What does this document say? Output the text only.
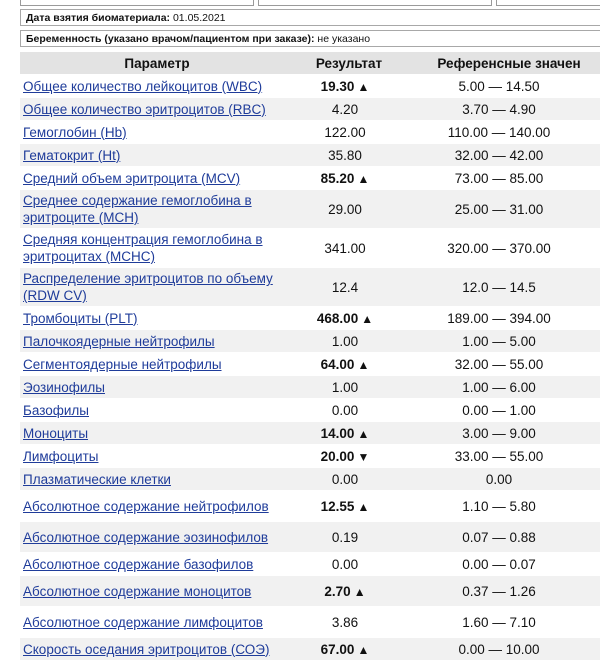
Дата взятия биоматериала: 01.05.2021
Беременность (указано врачом/пациентом при заказе): не указано
Параметр	Результат	Референсные значен
Общее количество лейкоцитов (WBC)	19.30 ▲	5.00 — 14.50
Общее количество эритроцитов (RBC)	4.20	3.70 — 4.90
Гемоглобин (Hb)	122.00	110.00 — 140.00
Гематокрит (Ht)	35.80	32.00 — 42.00
Средний объем эритроцита (MCV)	85.20 ▲	73.00 — 85.00
Среднее содержание гемоглобина в эритроците (MCH)	29.00	25.00 — 31.00
Средняя концентрация гемоглобина в эритроцитах (MCHC)	341.00	320.00 — 370.00
Распределение эритроцитов по объему (RDW CV)	12.4	12.0 — 14.5
Тромбоциты (PLT)	468.00 ▲	189.00 — 394.00
Палочкоядерные нейтрофилы	1.00	1.00 — 5.00
Сегментоядерные нейтрофилы	64.00 ▲	32.00 — 55.00
Эозинофилы	1.00	1.00 — 6.00
Базофилы	0.00	0.00 — 1.00
Моноциты	14.00 ▲	3.00 — 9.00
Лимфоциты	20.00 ▼	33.00 — 55.00
Плазматические клетки	0.00	0.00
Абсолютное содержание нейтрофилов	12.55 ▲	1.10 — 5.80
Абсолютное содержание эозинофилов	0.19	0.07 — 0.88
Абсолютное содержание базофилов	0.00	0.00 — 0.07
Абсолютное содержание моноцитов	2.70 ▲	0.37 — 1.26
Абсолютное содержание лимфоцитов	3.86	1.60 — 7.10
Скорость оседания эритроцитов (СОЭ)	67.00 ▲	0.00 — 10.00
